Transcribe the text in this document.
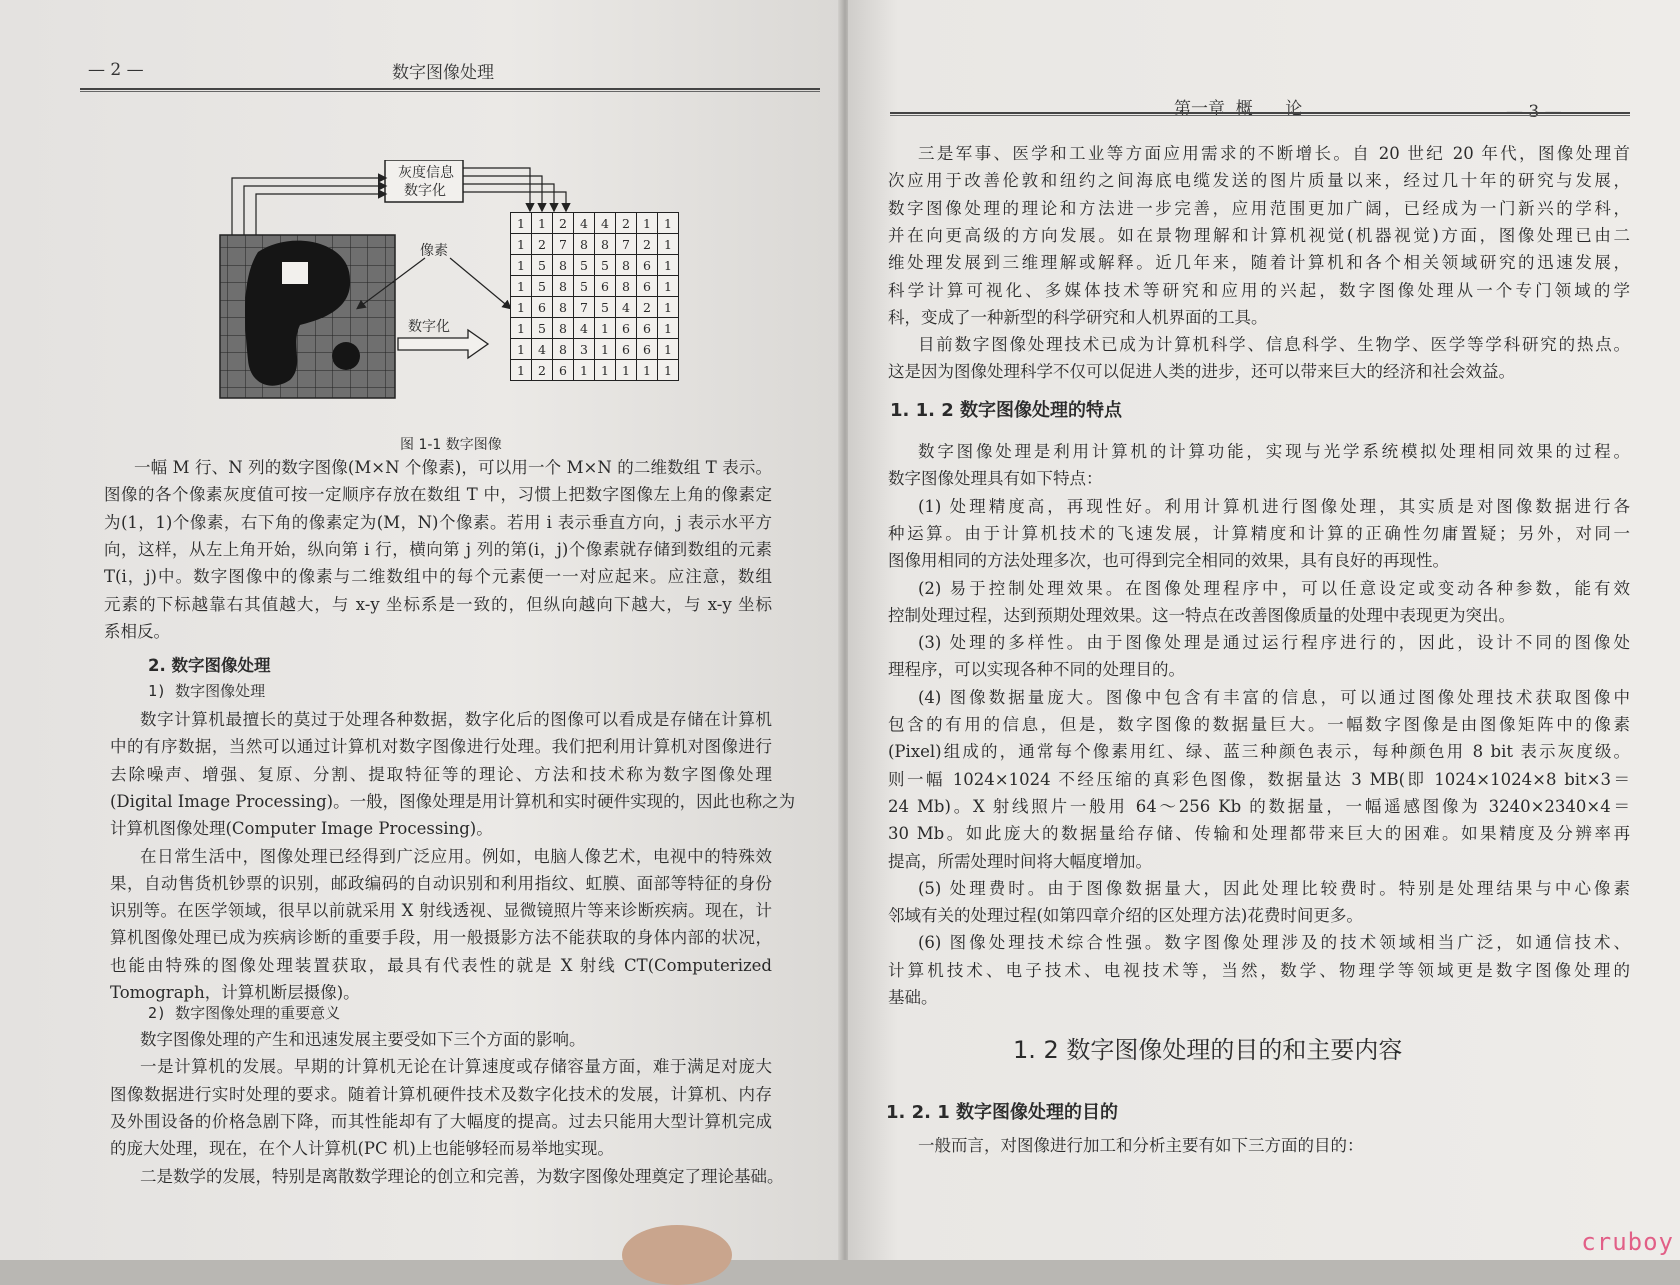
— 2 —	数字图像处理
灰度信息
数字化
像素
数字化
1	1	2	4	4	2	1	1
1	2	7	8	8	7	2	1
1	5	8	5	5	8	6	1
1	5	8	5	6	8	6	1
1	6	8	7	5	4	2	1
1	5	8	4	1	6	6	1
1	4	8	3	1	6	6	1
1	2	6	1	1	1	1	1
图 1-1 数字图像
一幅 M 行、N 列的数字图像(M×N 个像素)，可以用一个 M×N 的二维数组 T 表示。
图像的各个像素灰度值可按一定顺序存放在数组 T 中，习惯上把数字图像左上角的像素定
为(1，1)个像素，右下角的像素定为(M，N)个像素。若用 i 表示垂直方向，j 表示水平方
向，这样，从左上角开始，纵向第 i 行，横向第 j 列的第(i，j)个像素就存储到数组的元素
T(i，j)中。数字图像中的像素与二维数组中的每个元素便一一对应起来。应注意，数组
元素的下标越靠右其值越大，与 x-y 坐标系是一致的，但纵向越向下越大，与 x-y 坐标
系相反。
2. 数字图像处理
1) 数字图像处理
数字计算机最擅长的莫过于处理各种数据，数字化后的图像可以看成是存储在计算机
中的有序数据，当然可以通过计算机对数字图像进行处理。我们把利用计算机对图像进行
去除噪声、增强、复原、分割、提取特征等的理论、方法和技术称为数字图像处理
(Digital Image Processing)。一般，图像处理是用计算机和实时硬件实现的，因此也称之为
计算机图像处理(Computer Image Processing)。
在日常生活中，图像处理已经得到广泛应用。例如，电脑人像艺术，电视中的特殊效
果，自动售货机钞票的识别，邮政编码的自动识别和利用指纹、虹膜、面部等特征的身份
识别等。在医学领域，很早以前就采用 X 射线透视、显微镜照片等来诊断疾病。现在，计
算机图像处理已成为疾病诊断的重要手段，用一般摄影方法不能获取的身体内部的状况，
也能由特殊的图像处理装置获取，最具有代表性的就是 X 射线 CT(Computerized
Tomograph，计算机断层摄像)。
2) 数字图像处理的重要意义
数字图像处理的产生和迅速发展主要受如下三个方面的影响。
一是计算机的发展。早期的计算机无论在计算速度或存储容量方面，难于满足对庞大
图像数据进行实时处理的要求。随着计算机硬件技术及数字化技术的发展，计算机、内存
及外围设备的价格急剧下降，而其性能却有了大幅度的提高。过去只能用大型计算机完成
的庞大处理，现在，在个人计算机(PC 机)上也能够轻而易举地实现。
二是数学的发展，特别是离散数学理论的创立和完善，为数字图像处理奠定了理论基础。
第一章  概      论	— 3 —
三是军事、医学和工业等方面应用需求的不断增长。自 20 世纪 20 年代，图像处理首
次应用于改善伦敦和纽约之间海底电缆发送的图片质量以来，经过几十年的研究与发展，
数字图像处理的理论和方法进一步完善，应用范围更加广阔，已经成为一门新兴的学科，
并在向更高级的方向发展。如在景物理解和计算机视觉(机器视觉)方面，图像处理已由二
维处理发展到三维理解或解释。近几年来，随着计算机和各个相关领域研究的迅速发展，
科学计算可视化、多媒体技术等研究和应用的兴起，数字图像处理从一个专门领域的学
科，变成了一种新型的科学研究和人机界面的工具。
目前数字图像处理技术已成为计算机科学、信息科学、生物学、医学等学科研究的热点。
这是因为图像处理科学不仅可以促进人类的进步，还可以带来巨大的经济和社会效益。
1. 1. 2 数字图像处理的特点
数字图像处理是利用计算机的计算功能，实现与光学系统模拟处理相同效果的过程。
数字图像处理具有如下特点：
(1) 处理精度高，再现性好。利用计算机进行图像处理，其实质是对图像数据进行各
种运算。由于计算机技术的飞速发展，计算精度和计算的正确性勿庸置疑；另外，对同一
图像用相同的方法处理多次，也可得到完全相同的效果，具有良好的再现性。
(2) 易于控制处理效果。在图像处理程序中，可以任意设定或变动各种参数，能有效
控制处理过程，达到预期处理效果。这一特点在改善图像质量的处理中表现更为突出。
(3) 处理的多样性。由于图像处理是通过运行程序进行的，因此，设计不同的图像处
理程序，可以实现各种不同的处理目的。
(4) 图像数据量庞大。图像中包含有丰富的信息，可以通过图像处理技术获取图像中
包含的有用的信息，但是，数字图像的数据量巨大。一幅数字图像是由图像矩阵中的像素
(Pixel)组成的，通常每个像素用红、绿、蓝三种颜色表示，每种颜色用 8 bit 表示灰度级。
则一幅 1024×1024 不经压缩的真彩色图像，数据量达 3 MB(即 1024×1024×8 bit×3＝
24 Mb)。X 射线照片一般用 64～256 Kb 的数据量，一幅遥感图像为 3240×2340×4＝
30 Mb。如此庞大的数据量给存储、传输和处理都带来巨大的困难。如果精度及分辨率再
提高，所需处理时间将大幅度增加。
(5) 处理费时。由于图像数据量大，因此处理比较费时。特别是处理结果与中心像素
邻域有关的处理过程(如第四章介绍的区处理方法)花费时间更多。
(6) 图像处理技术综合性强。数字图像处理涉及的技术领域相当广泛，如通信技术、
计算机技术、电子技术、电视技术等，当然，数学、物理学等领域更是数字图像处理的
基础。
1. 2 数字图像处理的目的和主要内容
1. 2. 1 数字图像处理的目的
一般而言，对图像进行加工和分析主要有如下三方面的目的：
cruboy
